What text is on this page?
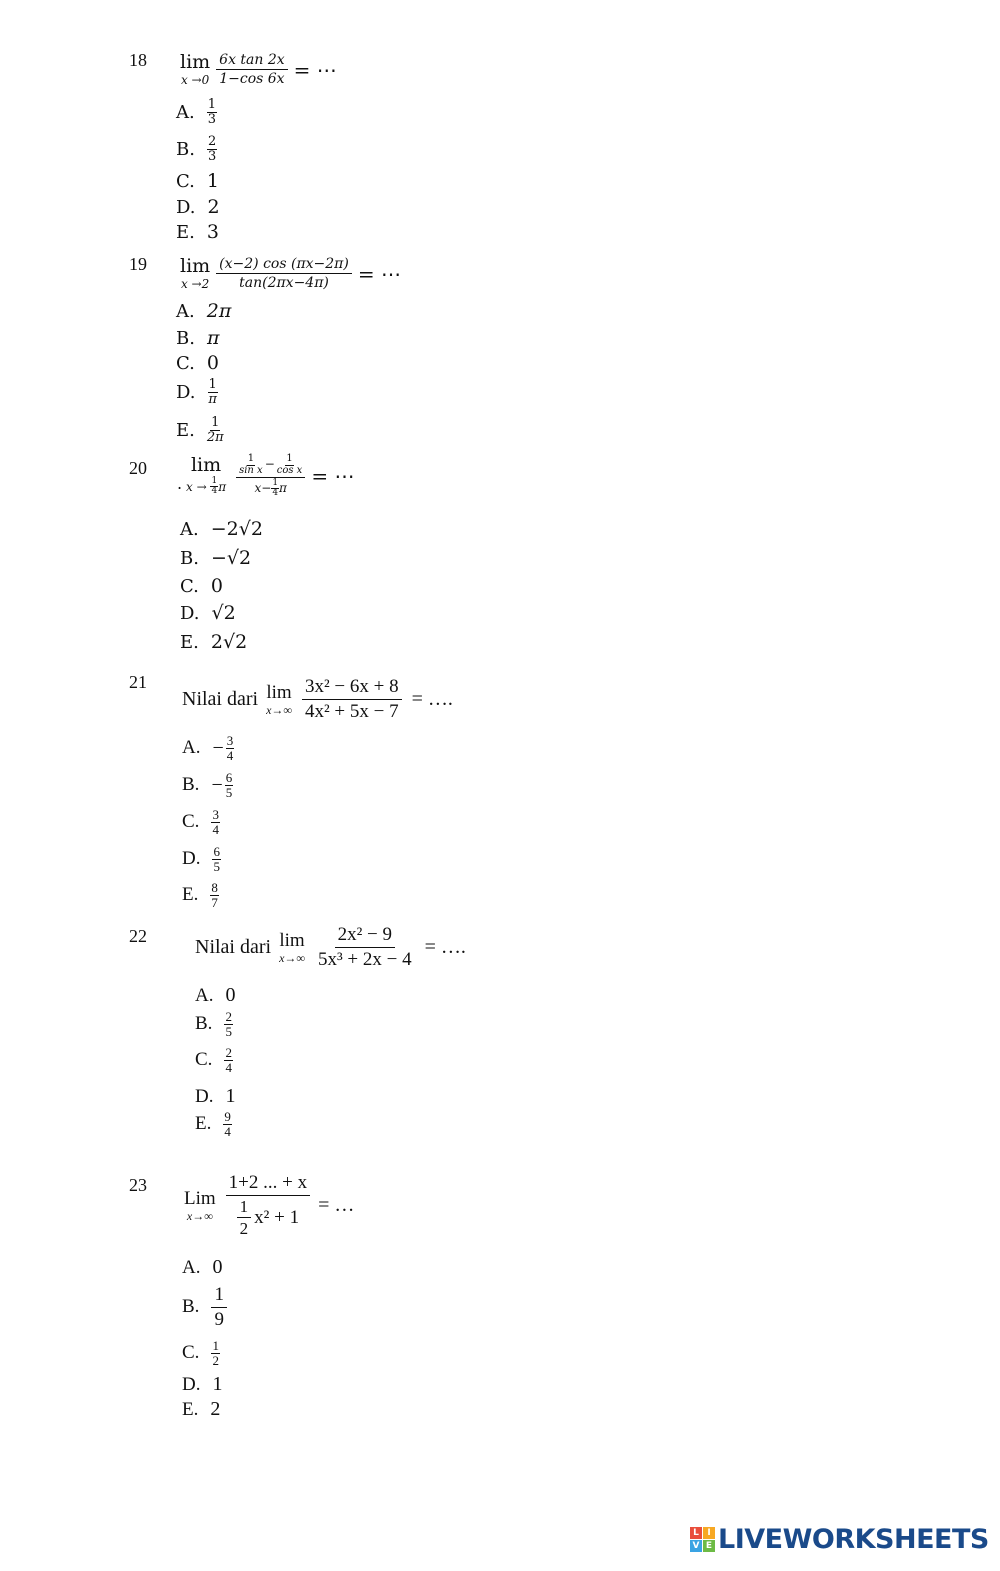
18 lim
$x \to 0 \frac{\text{6x tan 2x}}{1-\cos 6x}$ = ⋯
A. 1
3
B. 2
3
C. 1
D. 2
E. 3
19 lim
$x \to 2 \frac{(x-2) \cos (\pi x-2\pi)}{\tan(2\pi x-4\pi)}$ = ⋯
A. 2π
B. π
C. 0
D. 1
π
E. 1
2π
20
.
lim
x → 1
4 π 1
$\sin x - \frac{1}{\text{cos x}}$
x − 1
4 π = ⋯
A. −2√2
B. −√2
C. 0
D. √2
E. 2√2
21
Nilai dari lim
$x\to\infty \frac{\text{3x² − 6x + 8}}{\text{4x² + 5x − 7}}$ = ….
A. − 3
4
B. − 6
5
C. 3
4
D. 6
5
E. 8
7
22 Nilai dari lim
$x\to\infty \frac{\text{2x² − 9}}{\text{5x³ + 2x − 4}}$ = ….
A. 0
B. 2
5
C. 2
4
D. 1
E. 9
4
23
Lim
$x\to\infty \frac{1+2 ... + x}{\frac{1}{2} x^2 + 1}$ = …
A. 0
B. $\frac{1}{9}$
C. 1
2
D. 1
E. 2
L I
V E LIVEWORKSHEETS
